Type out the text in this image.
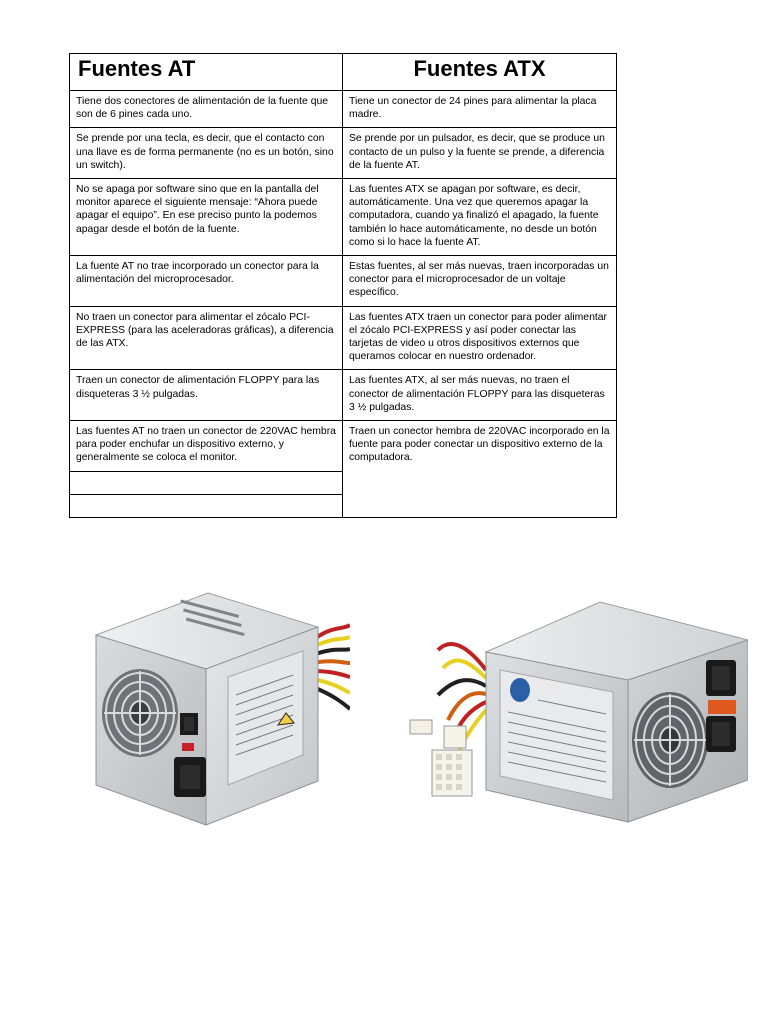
Fuentes AT	Fuentes ATX
Tiene dos conectores de alimentación de la fuente que son de 6 pines cada uno.	Tiene un conector de 24 pines para alimentar la placa madre.
Se prende por una tecla, es decir, que el contacto con una llave es de forma permanente (no es un botón, sino un switch).	Se prende por un pulsador, es decir, que se produce un contacto de un pulso y la fuente se prende, a diferencia de la fuente AT.
No se apaga por software sino que en la pantalla del monitor aparece el siguiente mensaje: “Ahora puede apagar el equipo”. En ese preciso punto la podemos apagar desde el botón de la fuente.	Las fuentes ATX se apagan por software, es decir, automáticamente. Una vez que queremos apagar la computadora, cuando ya finalizó el apagado, la fuente también lo hace automáticamente, no desde un botón como si lo hace la fuente AT.
La fuente AT no trae incorporado un conector para la alimentación del microprocesador.	Estas fuentes, al ser más nuevas, traen incorporadas un conector para el microprocesador de un voltaje específico.
No traen un conector para alimentar el zócalo PCI-EXPRESS (para las aceleradoras gráficas), a diferencia de las ATX.	Las fuentes ATX traen un conector para poder alimentar el zócalo PCI-EXPRESS y así poder conectar las tarjetas de video u otros dispositivos externos que queramos colocar en nuestro ordenador.
Traen un conector de alimentación FLOPPY para las disqueteras 3 ½ pulgadas.	Las fuentes ATX, al ser más nuevas, no traen el conector de alimentación FLOPPY para las disqueteras 3 ½ pulgadas.
Las fuentes AT no traen un conector de 220VAC hembra para poder enchufar un dispositivo externo, y generalmente se coloca el monitor.	Traen un conector hembra de 220VAC incorporado en la fuente para poder conectar un dispositivo externo de la computadora.
